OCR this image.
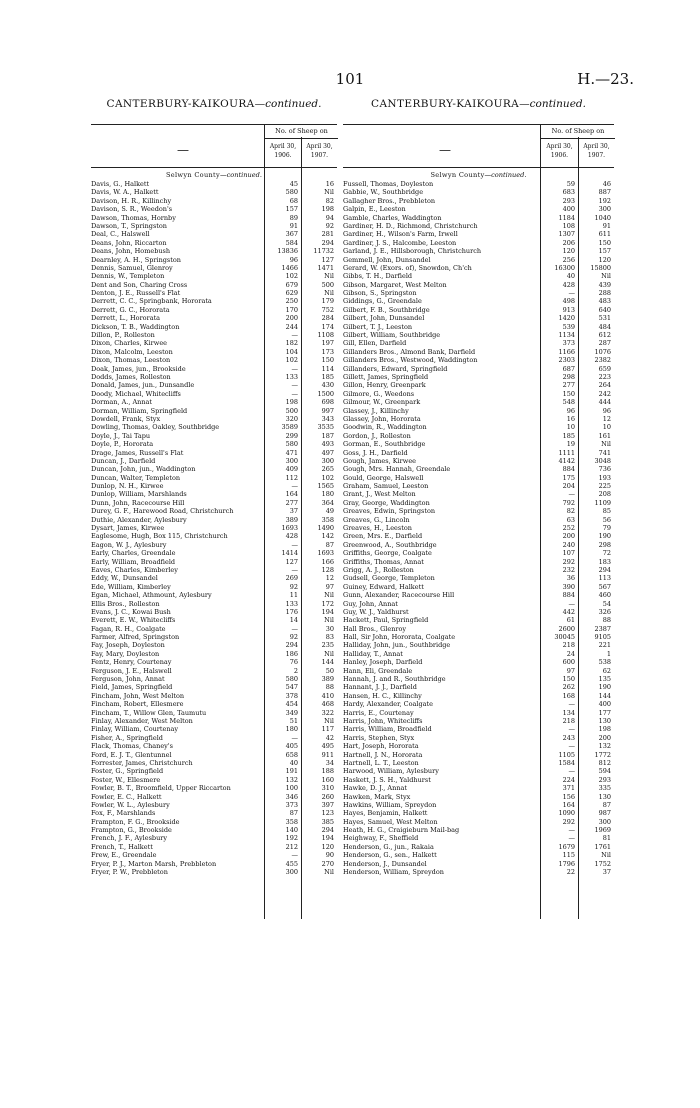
101	H.—23.
CANTERBURY-KAIKOURA—continued.
—
No. of Sheep on
April 30, 1906.
April 30, 1907.
Selwyn County—continued.
Davis, G., Halkett	45	16
Davis, W. A., Halkett	580	Nil
Davison, H. R., Killinchy	68	82
Davison, S. R., Weedon's	157	198
Dawson, Thomas, Hornby	89	94
Dawson, T., Springston	91	92
Deal, C., Halswell	367	281
Deans, John, Riccarton	584	294
Deans, John, Homebush	13836 11732
Dearnley, A. H., Springston	96	127
Dennis, Samuel, Glenroy	1466	1471
Dennis, W., Templeton	102	Nil
Dent and Son, Charing Cross	679	500
Denton, J. E., Russell's Flat	629	Nil
Derrett, C. C., Springbank, Hororata	250	179
Derrett, G. C., Hororata	170	752
Derrett, L., Hororata	200	284
Dickson, T. B., Waddington	244	174
Dillon, P., Rolleston	—	1108
Dixon, Charles, Kirwee	182	197
Dixon, Malcolm, Leeston	104	173
Dixon, Thomas, Leeston	102	150
Doak, James, jun., Brookside	—	114
Dodds, James, Rolleston	133	185
Donald, James, jun., Dunsandle	—	430
Doody, Michael, Whitecliffs	—	1500
Dorman, A., Annat	198	698
Dorman, William, Springfield	500	997
Dowdell, Frank, Styx	320	343
Dowling, Thomas, Oakley, Southbridge	3589	3535
Doyle, J., Tai Tapu	299	187
Doyle, P., Hororata	580	493
Drage, James, Russell's Flat	471	497
Duncan, J., Darfield	300	300
Duncan, John, jun., Waddington	409	265
Duncan, Walter, Templeton	112	102
Dunlop, N. H., Kirwee	—	1565
Dunlop, William, Marshlands	164	180
Dunn, John, Racecourse Hill	277	364
Durey, G. F., Harewood Road, Christchurch	37	49
Duthie, Alexander, Aylesbury	389	358
Dysart, James, Kirwee	1693	1490
Eaglesome, Hugh, Box 115, Christchurch	428	142
Eagon, W. J., Aylesbury	—	87
Early, Charles, Greendale	1414	1693
Early, William, Broadfield	127	166
Eaves, Charles, Kimberley	—	128
Eddy, W., Dunsandel	269	12
Ede, William, Kimberley	92	97
Egan, Michael, Athmount, Aylesbury	11	Nil
Ellis Bros., Rolleston	133	172
Evans, J. C., Kowai Bush	176	194
Everett, E. W., Whitecliffs	14	Nil
Fagan, R. H., Coalgate	—	30
Farmer, Alfred, Springston	92	83
Fay, Joseph, Doyleston	294	235
Fay, Mary, Doyleston	186	Nil
Fentz, Henry, Courtenay	76	144
Ferguson, J. E., Halswell	2	50
Ferguson, John, Annat	580	389
Field, James, Springfield	547	88
Fincham, John, West Melton	378	410
Fincham, Robert, Ellesmere	454	468
Fincham, T., Willow Glen, Taumutu	349	322
Finlay, Alexander, West Melton	51	Nil
Finlay, William, Courtenay	180	117
Fisher, A., Springfield	—	42
Flack, Thomas, Chaney's	405	495
Ford, E. J. T., Glentunnel	658	911
Forrester, James, Christchurch	40	34
Foster, G., Springfield	191	188
Foster, W., Ellesmere	132	160
Fowler, B. T., Broomfield, Upper Riccarton	100	310
Fowler, E. C., Halkett	346	260
Fowler, W. L., Aylesbury	373	397
Fox, F., Marshlands	87	123
Frampton, F. G., Brookside	358	385
Frampton, G., Brookside	140	294
French, J. F., Aylesbury	192	194
French, T., Halkett	212	120
Frew, E., Greendale	—	90
Fryer, P. J., Marton Marsh, Prebbleton	455	270
Fryer, P. W., Prebbleton	300	Nil
CANTERBURY-KAIKOURA—continued.
—
No. of Sheep on
April 30, 1906.
April 30, 1907.
Selwyn County—continued.
Fussell, Thomas, Doyleston	59	46
Gabbie, W., Southbridge	683	887
Gallagher Bros., Prebbleton	293	192
Galpin, E., Leeston	400	300
Gamble, Charles, Waddington	1184	1040
Gardiner, H. D., Richmond, Christchurch	108	91
Gardiner, H., Wilson's Farm, Irwell	1307	611
Gardiner, J. S., Halcombe, Leeston	206	150
Garland, J. E., Hillsborough, Christchurch	120	157
Gemmell, John, Dunsandel	256	120
Gerard, W. (Exors. of), Snowdon, Ch'ch	16300 15800
Gibbs, T. H., Darfield	40	Nil
Gibson, Margaret, West Melton	428	439
Gibson, S., Springston	—	288
Giddings, G., Greendale	498	483
Gilbert, F. B., Southbridge	913	640
Gilbert, John, Dunsandel	1420	531
Gilbert, T. J., Leeston	539	484
Gilbert, William, Southbridge	1134	612
Gill, Ellen, Darfield	373	287
Gillanders Bros., Almond Bank, Darfield	1166	1076
Gillanders Bros., Westwood, Waddington	2303	2382
Gillanders, Edward, Springfield	687	659
Gillett, James, Springfield	298	223
Gillon, Henry, Greenpark	277	264
Gilmore, G., Weedons	150	242
Gilmour, W., Greenpark	548	444
Glassey, J., Killinchy	96	96
Glassey, John, Hororata	16	12
Goodwin, R., Waddington	10	10
Gordon, J., Rolleston	185	161
Gorman, E., Southbridge	19	Nil
Goss, J. H., Darfield	1111	741
Gough, James, Kirwee	4142	3048
Gough, Mrs. Hannah, Greendale	884	736
Gould, George, Halswell	175	193
Graham, Samuel, Leeston	204	225
Grant, J., West Melton	—	208
Gray, George, Waddington	792	1109
Greaves, Edwin, Springston	82	85
Greaves, G., Lincoln	63	56
Greaves, H., Leeston	252	79
Green, Mrs. E., Darfield	200	190
Greenwood, A., Southbridge	240	298
Griffiths, George, Coalgate	107	72
Griffiths, Thomas, Annat	292	183
Grigg, A. J., Rolleston	232	294
Gudsell, George, Templeton	36	113
Guiney, Edward, Halkett	390	567
Gunn, Alexander, Racecourse Hill	884	460
Guy, John, Annat	—	54
Guy, W. J., Yaldhurst	442	326
Hackett, Paul, Springfield	61	88
Hall Bros., Glenroy	2600	2387
Hall, Sir John, Hororata, Coalgate	30045	9105
Halliday, John, jun., Southbridge	218	221
Halliday, T., Annat	24	1
Hanley, Joseph, Darfield	600	538
Hann, Eli, Greendale	97	62
Hannah, J. and R., Southbridge	150	135
Hannant, J. J., Darfield	262	190
Hansen, H. C., Killinchy	168	144
Hardy, Alexander, Coalgate	—	400
Harris, E., Courtenay	134	177
Harris, John, Whitecliffs	218	130
Harris, William, Broadfield	—	198
Harris, Stephen, Styx	243	200
Hart, Joseph, Hororata	—	132
Hartnell, J. N., Hororata	1105	1772
Hartnell, L. T., Leeston	1584	812
Harwood, William, Aylesbury	—	594
Haskett, J. S. H., Yaldhurst	224	293
Hawke, D. J., Annat	371	335
Hawken, Mark, Styx	156	130
Hawkins, William, Spreydon	164	87
Hayes, Benjamin, Halkett	1090	987
Hayes, Samuel, West Melton	292	300
Heath, H. G., Craigieburn Mail-bag	—	1969
Heighway, F., Sheffield	—	81
Henderson, G., jun., Rakaia	1679	1761
Henderson, G., sen., Halkett	115	Nil
Henderson, J., Dunsandel	1796	1752
Henderson, William, Spreydon	22	37
